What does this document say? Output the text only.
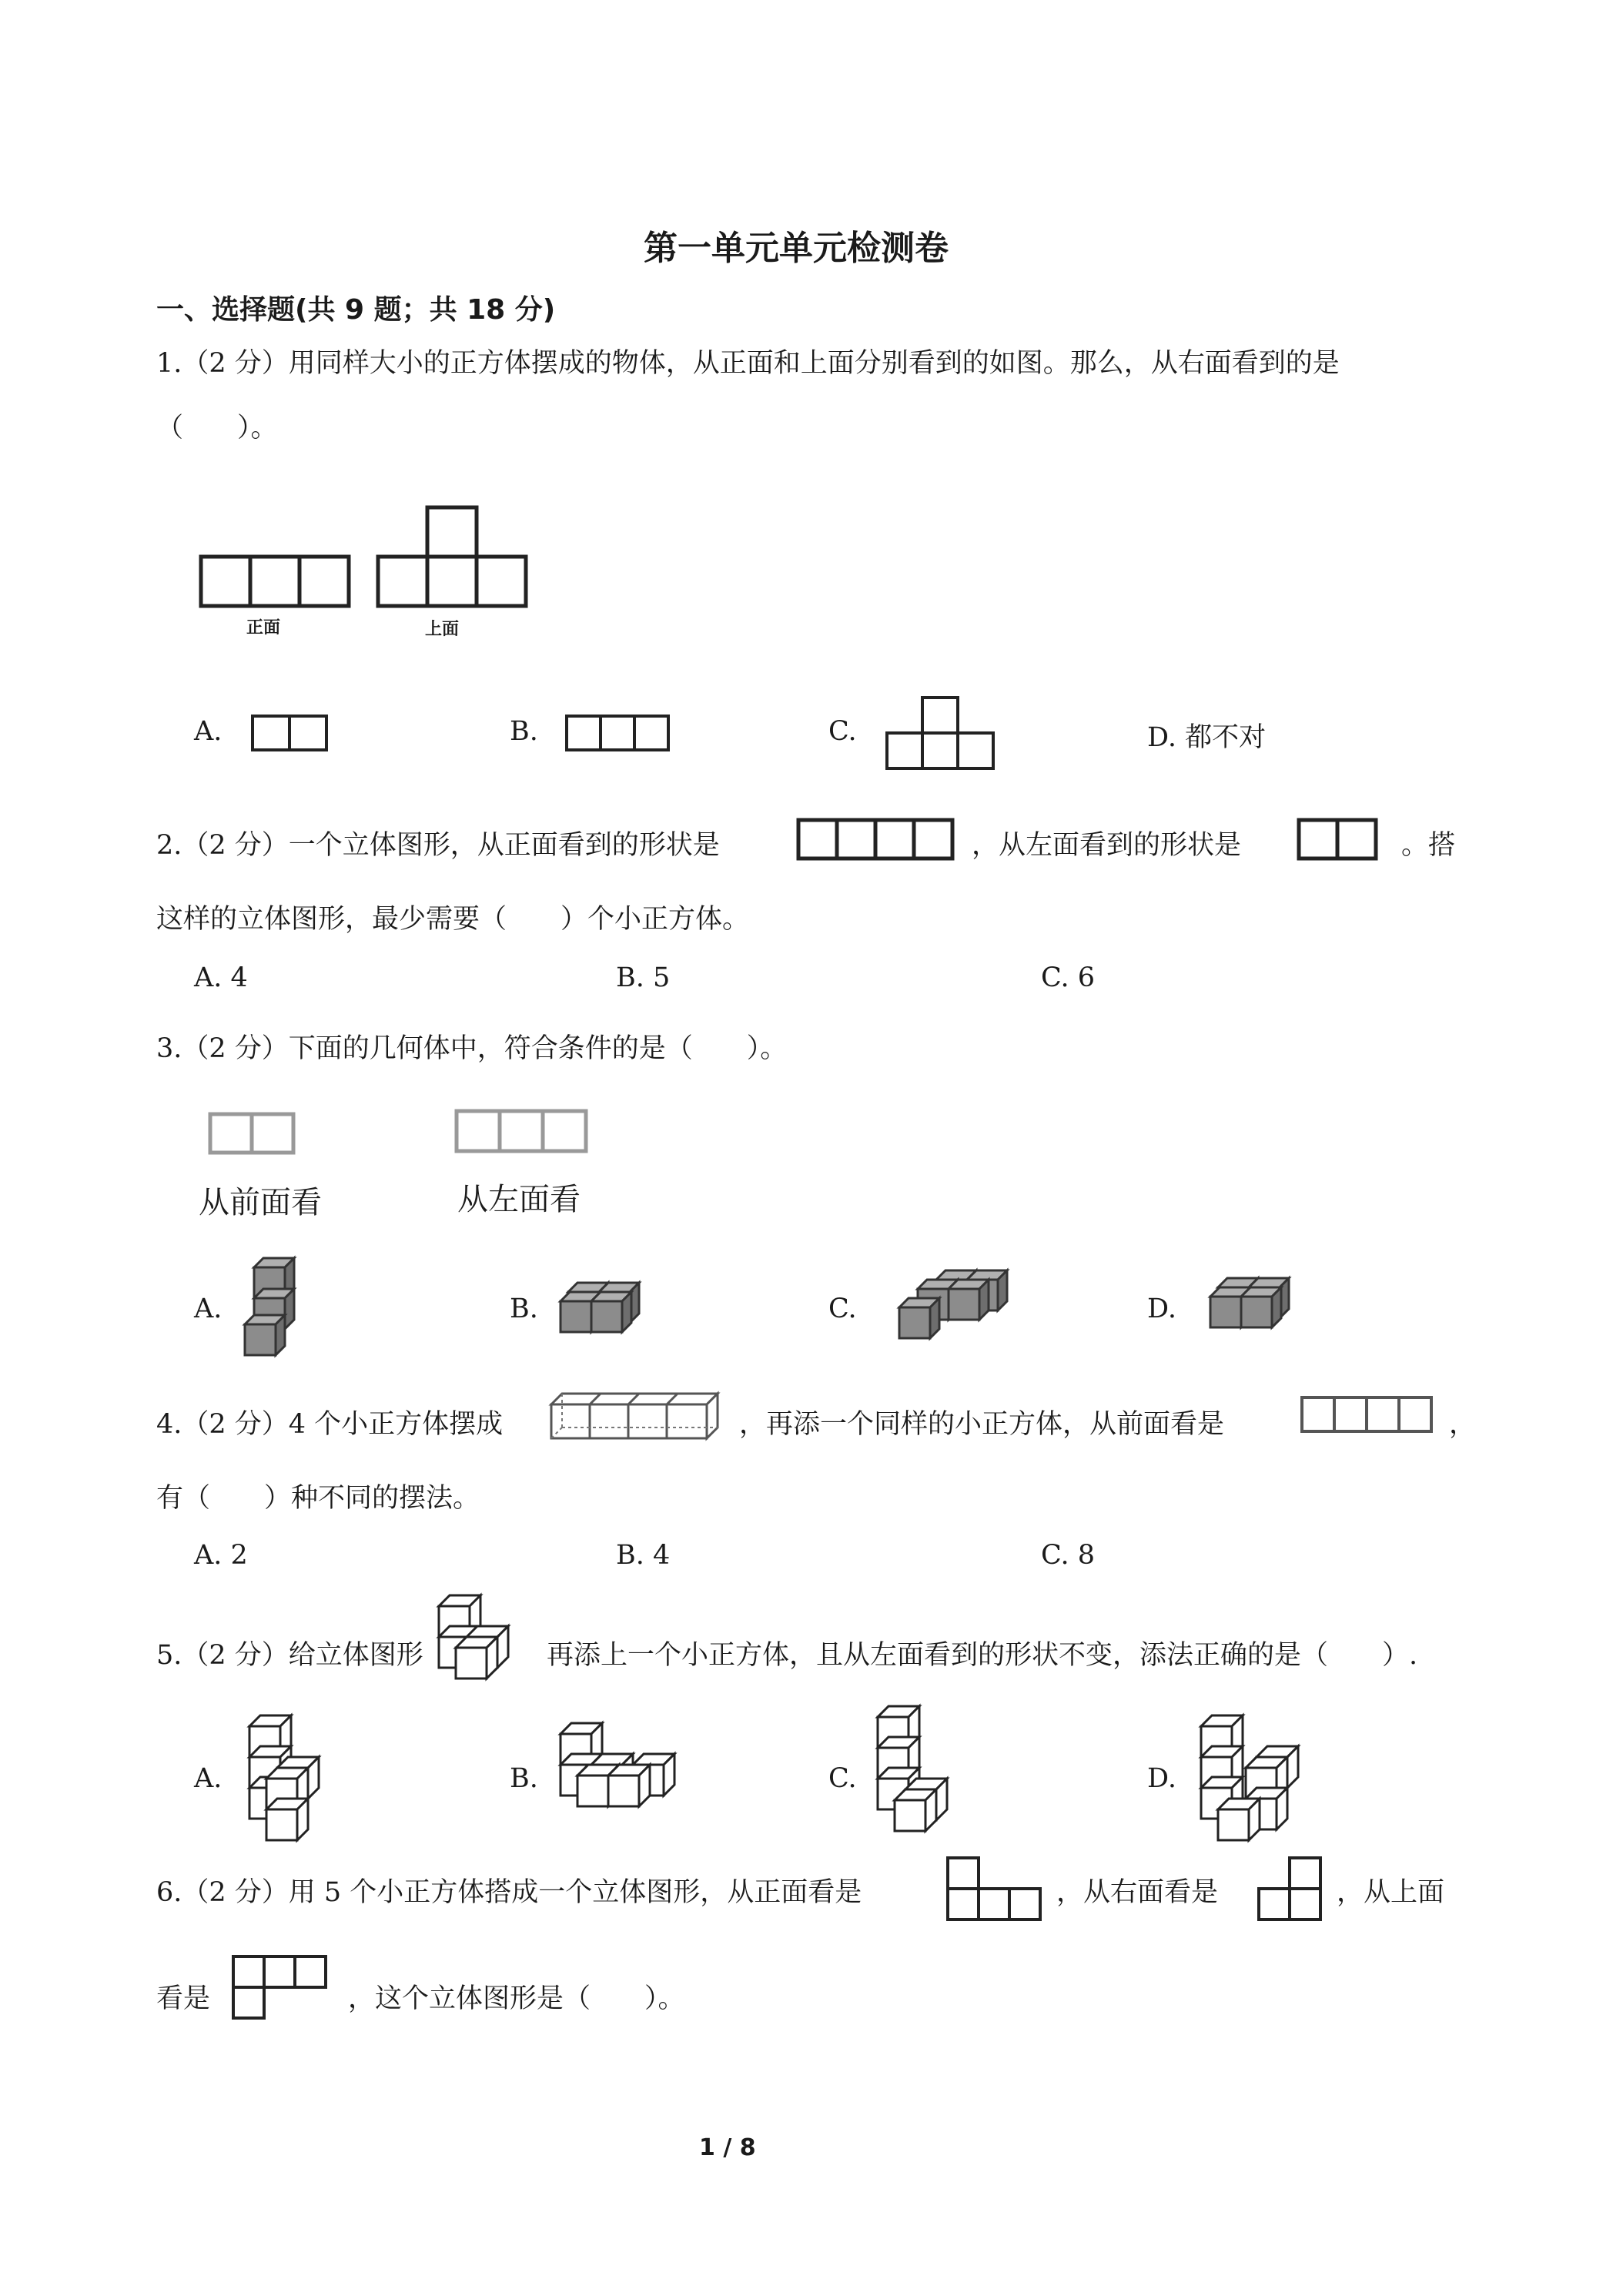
第一单元单元检测卷
一、选择题(共 9 题；共 18 分)
1.（2 分）用同样大小的正方体摆成的物体，从正面和上面分别看到的如图。那么，从右面看到的是
（　　）。
正面	上面
A.	B.	C.	D. 都不对
2.（2 分）一个立体图形，从正面看到的形状是	，从左面看到的形状是	。搭
这样的立体图形，最少需要（　　）个小正方体。
A. 4	B. 5	C. 6
3.（2 分）下面的几何体中，符合条件的是（　　）。
从前面看	从左面看
A.	B.	C.	D.
4.（2 分）4 个小正方体摆成	，再添一个同样的小正方体，从前面看是	，
有（　　）种不同的摆法。
A. 2	B. 4	C. 8
5.（2 分）给立体图形	再添上一个小正方体，且从左面看到的形状不变，添法正确的是（　　）.
A.	B.	C.	D.
6.（2 分）用 5 个小正方体搭成一个立体图形，从正面看是	，从右面看是	，从上面
看是	，这个立体图形是（　　）。
1 / 8
